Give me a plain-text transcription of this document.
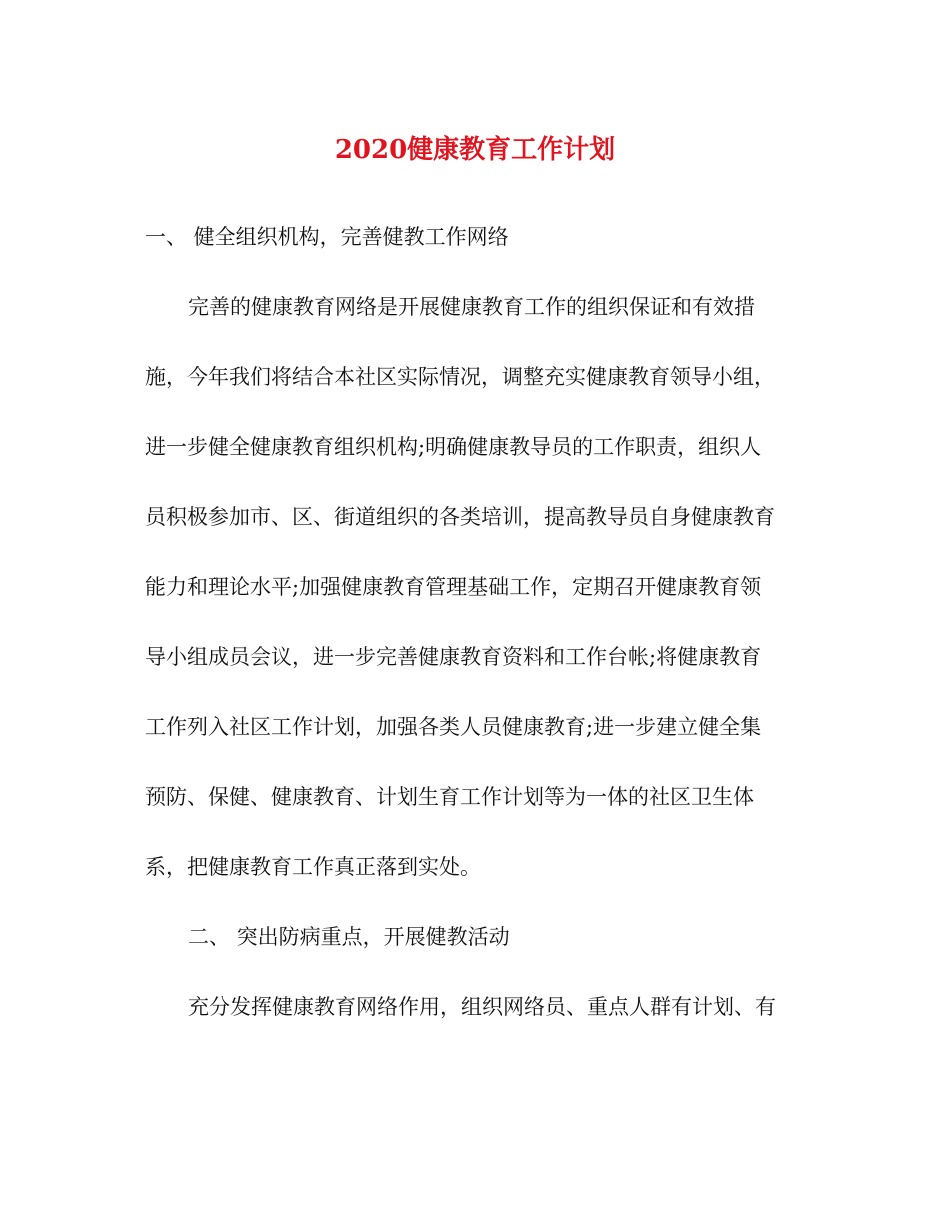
2020健康教育工作计划
一、 健全组织机构，完善健教工作网络
完善的健康教育网络是开展健康教育工作的组织保证和有效措
施，今年我们将结合本社区实际情况，调整充实健康教育领导小组，
进一步健全健康教育组织机构;明确健康教导员的工作职责，组织人
员积极参加市、区、街道组织的各类培训，提高教导员自身健康教育
能力和理论水平;加强健康教育管理基础工作，定期召开健康教育领
导小组成员会议，进一步完善健康教育资料和工作台帐;将健康教育
工作列入社区工作计划，加强各类人员健康教育;进一步建立健全集
预防、保健、健康教育、计划生育工作计划等为一体的社区卫生体
系，把健康教育工作真正落到实处。
二、 突出防病重点，开展健教活动
充分发挥健康教育网络作用，组织网络员、重点人群有计划、有
